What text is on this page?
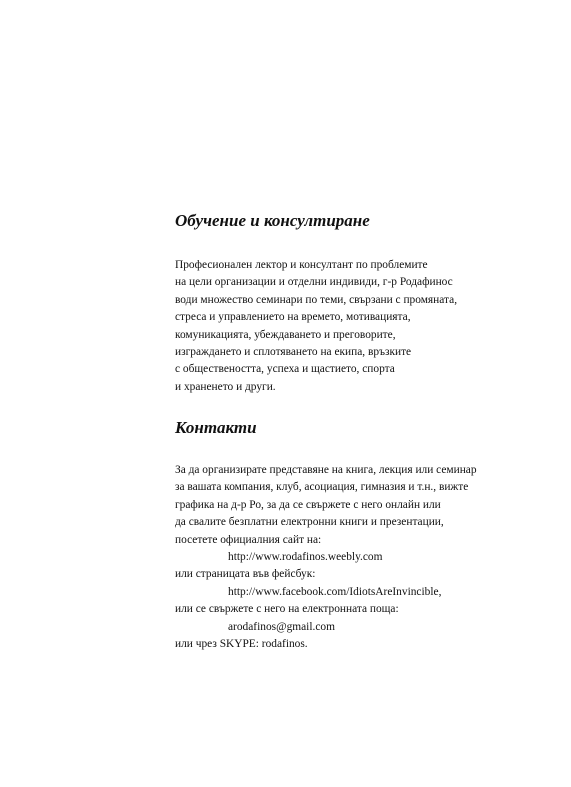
Обучение и консултиране

Професионален лектор и консултант по проблемите
на цели организации и отделни индивиди, г-р Родафинос
води множество семинари по теми, свързани с промяната,
стреса и управлението на времето, мотивацията,
комуникацията, убеждаването и преговорите,
изграждането и сплотяването на екипа, връзките
с обществеността, успеха и щастието, спорта
и храненето и други.

Контакти

За да организирате представяне на книга, лекция или семинар
за вашата компания, клуб, асоциация, гимназия и т.н., вижте
графика на д-р Ро, за да се свържете с него онлайн или
да свалите безплатни електронни книги и презентации,
посетете официалния сайт на:
http://www.rodafinos.weebly.com
или страницата във фейсбук:
http://www.facebook.com/IdiotsAreInvincible,
или се свържете с него на електронната поща:
arodafinos@gmail.com
или чрез SKYPE: rodafinos.
